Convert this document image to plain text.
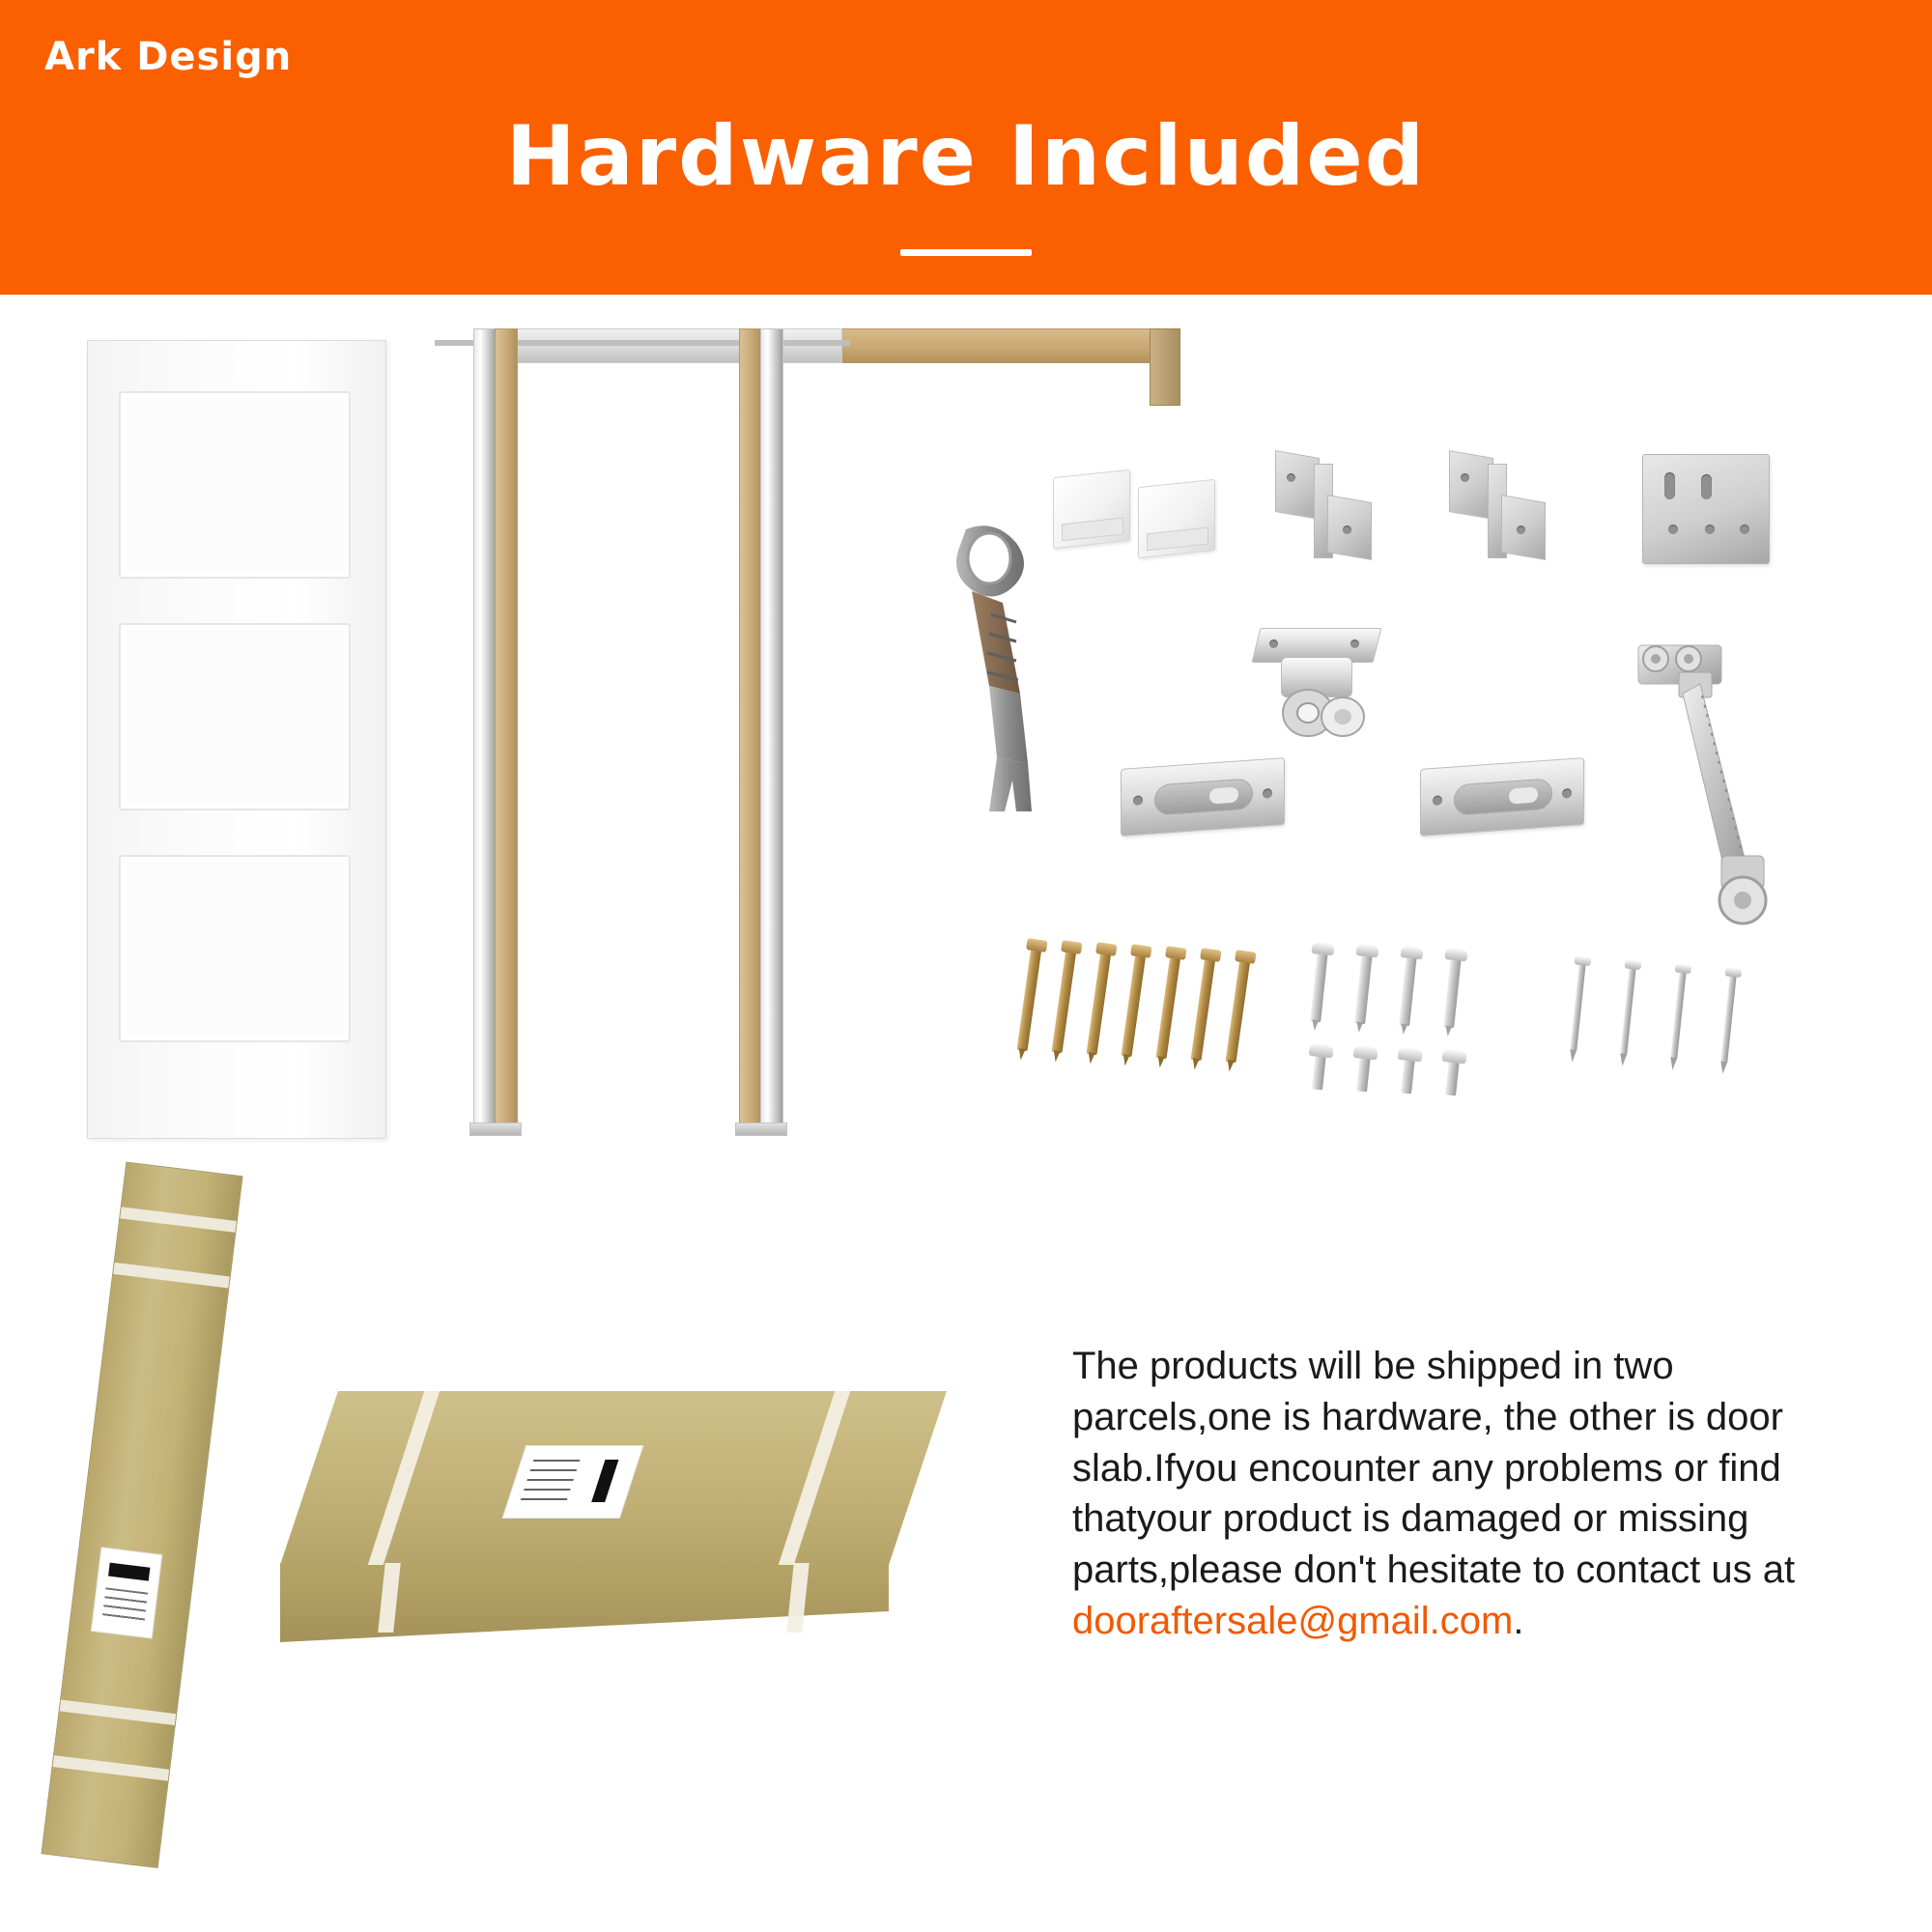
Ark Design
Hardware Included
The products will be shipped in two parcels,one is hardware, the other is door slab.Ifyou encounter any problems or find thatyour product is damaged or missing parts,please don't hesitate to contact us at dooraftersale@gmail.com.
